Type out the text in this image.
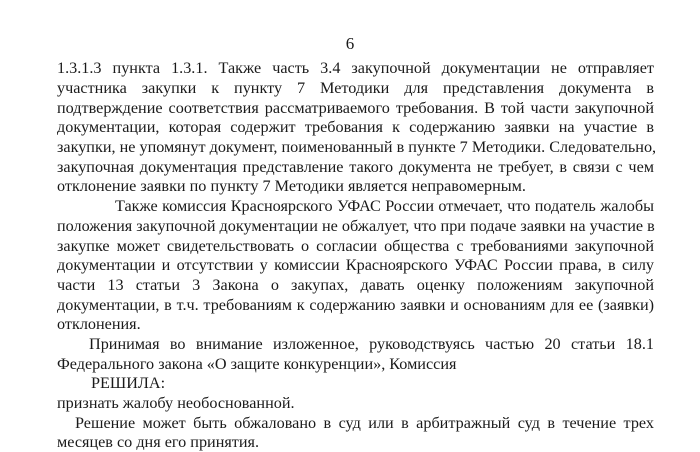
6
1.3.1.3 пункта 1.3.1. Также часть 3.4 закупочной документации не отправляет
участника закупки к пункту 7 Методики для представления документа в
подтверждение соответствия рассматриваемого требования. В той части закупочной
документации, которая содержит требования к содержанию заявки на участие в
закупки, не упомянут документ, поименованный в пункте 7 Методики. Следовательно,
закупочная документация представление такого документа не требует, в связи с чем
отклонение заявки по пункту 7 Методики является неправомерным.
Также комиссия Красноярского УФАС России отмечает, что податель жалобы
положения закупочной документации не обжалует, что при подаче заявки на участие в
закупке может свидетельствовать о согласии общества с требованиями закупочной
документации и отсутствии у комиссии Красноярского УФАС России права, в силу
части 13 статьи 3 Закона о закупах, давать оценку положениям закупочной
документации, в т.ч. требованиям к содержанию заявки и основаниям для ее (заявки)
отклонения.
Принимая во внимание изложенное, руководствуясь частью 20 статьи 18.1
Федерального закона «О защите конкуренции», Комиссия
РЕШИЛА:
признать жалобу необоснованной.
Решение может быть обжаловано в суд или в арбитражный суд в течение трех
месяцев со дня его принятия.
